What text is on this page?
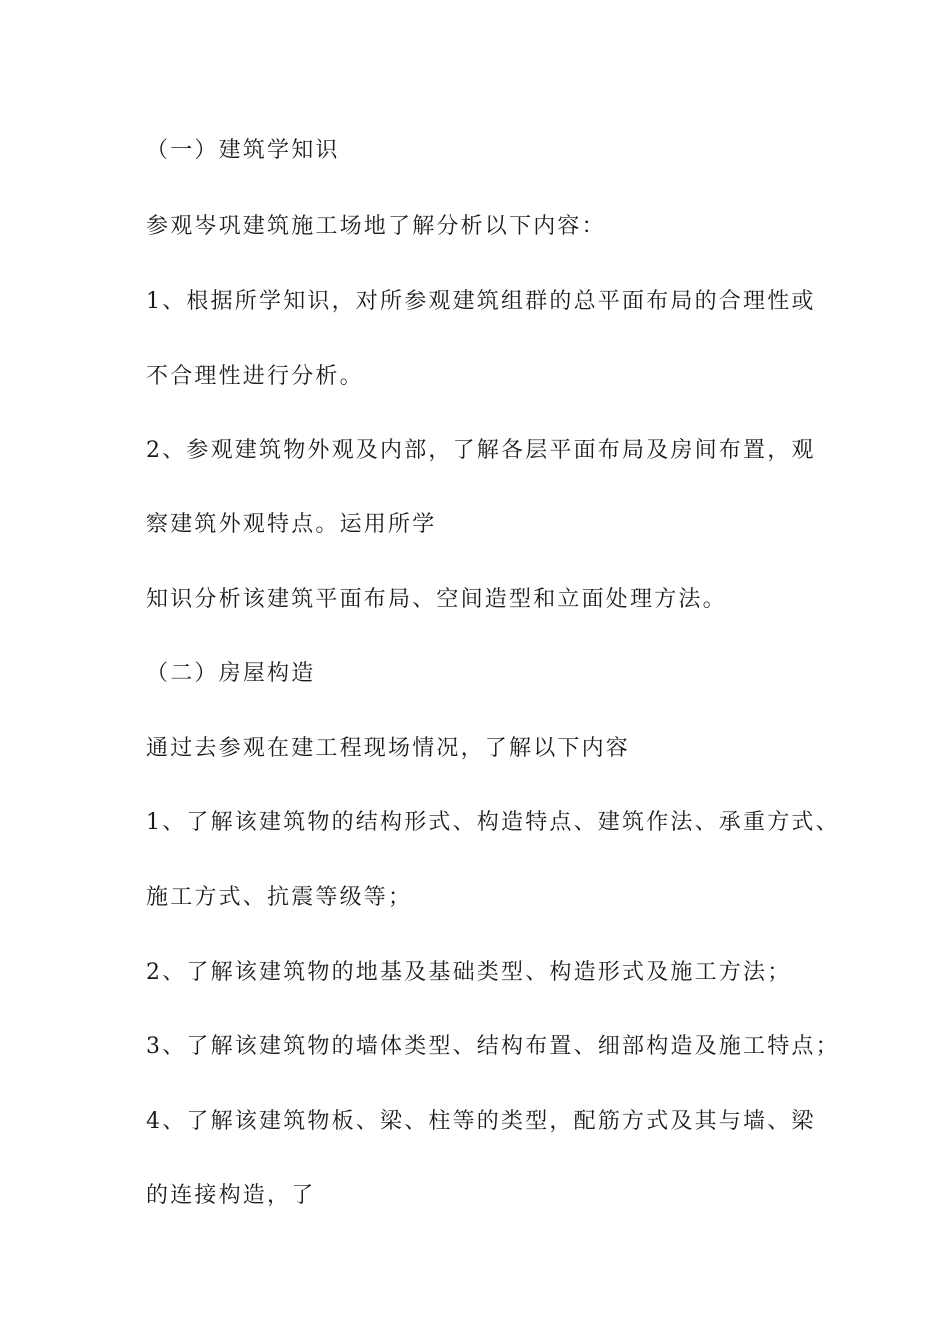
（一）建筑学知识
参观岑巩建筑施工场地了解分析以下内容：
1、根据所学知识，对所参观建筑组群的总平面布局的合理性或
不合理性进行分析。
2、参观建筑物外观及内部，了解各层平面布局及房间布置，观
察建筑外观特点。运用所学
知识分析该建筑平面布局、空间造型和立面处理方法。
（二）房屋构造
通过去参观在建工程现场情况，了解以下内容
1、了解该建筑物的结构形式、构造特点、建筑作法、承重方式、
施工方式、抗震等级等；
2、了解该建筑物的地基及基础类型、构造形式及施工方法；
3、了解该建筑物的墙体类型、结构布置、细部构造及施工特点；
4、了解该建筑物板、梁、柱等的类型，配筋方式及其与墙、梁
的连接构造，了
